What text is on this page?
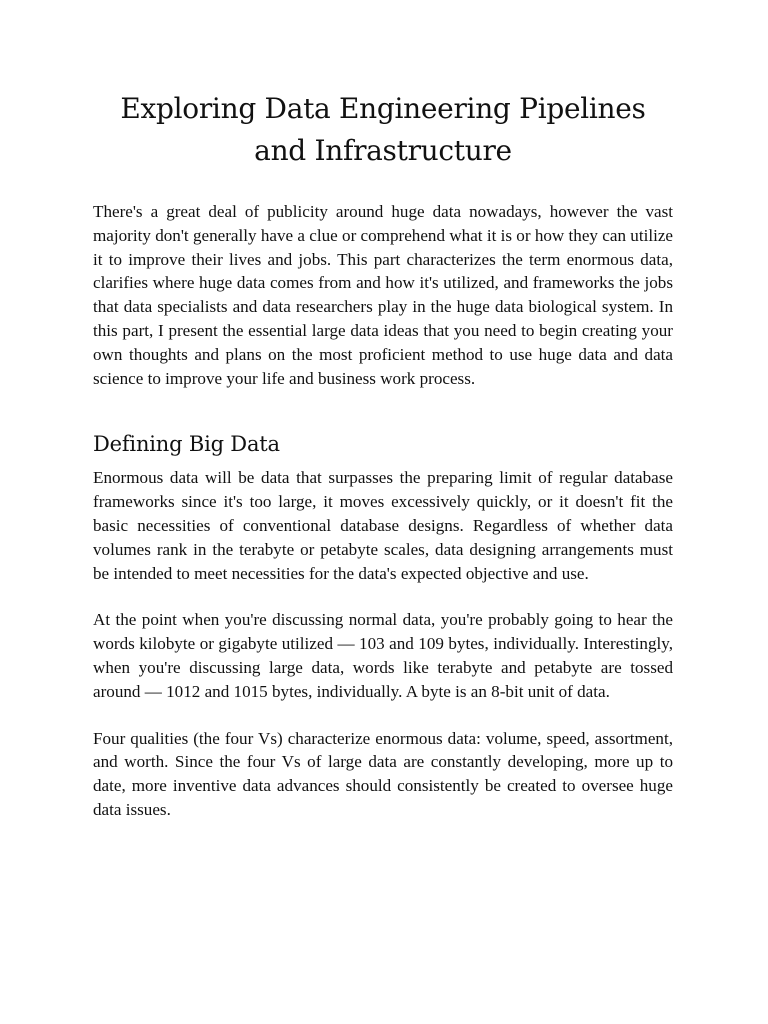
Exploring Data Engineering Pipelines and Infrastructure

There's a great deal of publicity around huge data nowadays, however the vast majority don't generally have a clue or comprehend what it is or how they can utilize it to improve their lives and jobs. This part characterizes the term enormous data, clarifies where huge data comes from and how it's utilized, and frameworks the jobs that data specialists and data researchers play in the huge data biological system. In this part, I present the essential large data ideas that you need to begin creating your own thoughts and plans on the most proficient method to use huge data and data science to improve your life and business work process.

Defining Big Data

Enormous data will be data that surpasses the preparing limit of regular database frameworks since it's too large, it moves excessively quickly, or it doesn't fit the basic necessities of conventional database designs. Regardless of whether data volumes rank in the terabyte or petabyte scales, data designing arrangements must be intended to meet necessities for the data's expected objective and use.

At the point when you're discussing normal data, you're probably going to hear the words kilobyte or gigabyte utilized — 103 and 109 bytes, individually. Interestingly, when you're discussing large data, words like terabyte and petabyte are tossed around — 1012 and 1015 bytes, individually. A byte is an 8-bit unit of data.

Four qualities (the four Vs) characterize enormous data: volume, speed, assortment, and worth. Since the four Vs of large data are constantly developing, more up to date, more inventive data advances should consistently be created to oversee huge data issues.
